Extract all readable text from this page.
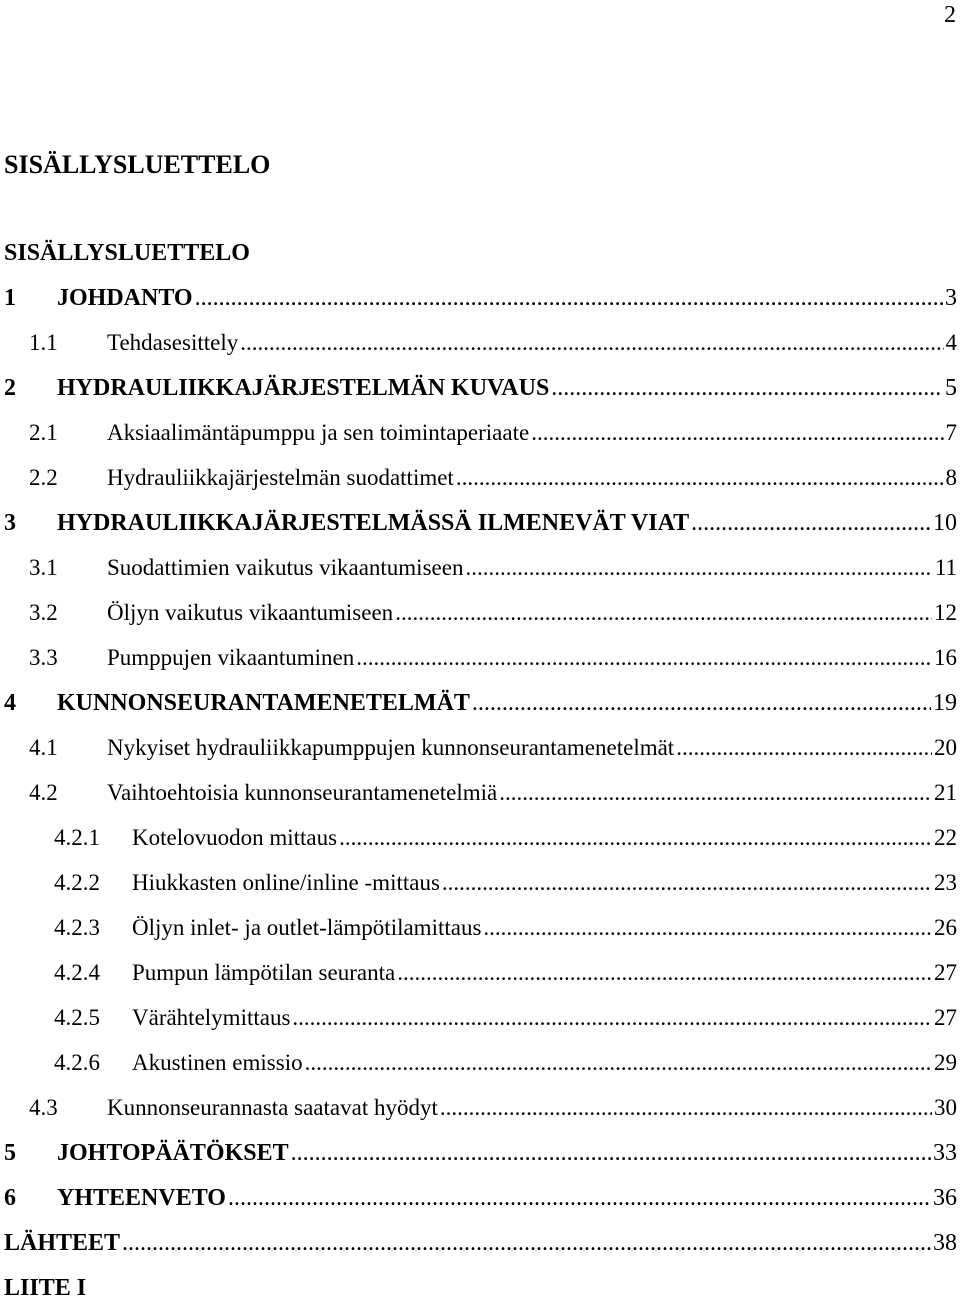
2
SISÄLLYSLUETTELO
SISÄLLYSLUETTELO
1	JOHDANTO .....	3
1.1	Tehdasesittely .....	4
2	HYDRAULIIKKAJÄRJESTELMÄN KUVAUS .....	5
2.1	Aksiaalimäntäpumppu ja sen toimintaperiaate .....	7
2.2	Hydrauliikkajärjestelmän suodattimet .....	8
3	HYDRAULIIKKAJÄRJESTELMÄSSÄ ILMENEVÄT VIAT .....	10
3.1	Suodattimien vaikutus vikaantumiseen .....	11
3.2	Öljyn vaikutus vikaantumiseen .....	12
3.3	Pumppujen vikaantuminen .....	16
4	KUNNONSEURANTAMENETELMÄT .....	19
4.1	Nykyiset hydrauliikkapumppujen kunnonseurantamenetelmät .....	20
4.2	Vaihtoehtoisia kunnonseurantamenetelmiä .....	21
4.2.1	Kotelovuodon mittaus .....	22
4.2.2	Hiukkasten online/inline -mittaus .....	23
4.2.3	Öljyn inlet- ja outlet-lämpötilamittaus .....	26
4.2.4	Pumpun lämpötilan seuranta .....	27
4.2.5	Värähtelymittaus .....	27
4.2.6	Akustinen emissio .....	29
4.3	Kunnonseurannasta saatavat hyödyt .....	30
5	JOHTOPÄÄTÖKSET .....	33
6	YHTEENVETO .....	36
LÄHTEET .....	38
LIITE I
